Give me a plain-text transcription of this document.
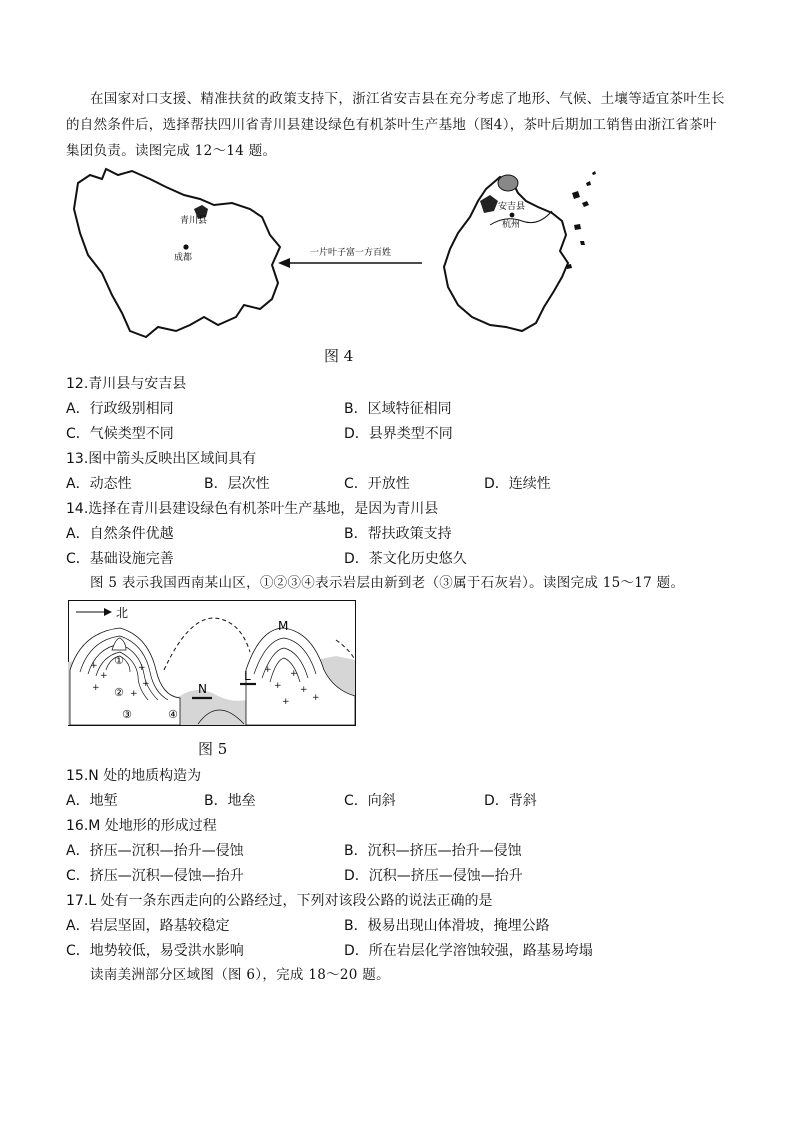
在国家对口支援、精准扶贫的政策支持下，浙江省安吉县在充分考虑了地形、气候、土壤等适宜茶叶生长
的自然条件后，选择帮扶四川省青川县建设绿色有机茶叶生产基地（图4），茶叶后期加工销售由浙江省茶叶
集团负责。读图完成 12～14 题。
青川县
成都	一片叶子富一方百姓
安吉县
杭州
图 4
12.青川县与安吉县
A．行政级别相同	B．区域特征相同
C．气候类型不同	D．县界类型不同
13.图中箭头反映出区域间具有
A．动态性	B．层次性	C．开放性	D．连续性
14.选择在青川县建设绿色有机茶叶生产基地，是因为青川县
A．自然条件优越	B．帮扶政策支持
C．基础设施完善	D．茶文化历史悠久
图 5 表示我国西南某山区，①②③④表示岩层由新到老（③属于石灰岩）。读图完成 15～17 题。
北
+
+
+
+
+
+
+
+
+
+
+ +
N
L
M
①
②
③	④
图 5
15.N 处的地质构造为
A．地堑	B．地垒	C．向斜	D．背斜
16.M 处地形的形成过程
A．挤压—沉积—抬升—侵蚀	B．沉积—挤压—抬升—侵蚀
C．挤压—沉积—侵蚀—抬升	D．沉积—挤压—侵蚀—抬升
17.L 处有一条东西走向的公路经过，下列对该段公路的说法正确的是
A．岩层坚固，路基较稳定	B．极易出现山体滑坡，掩埋公路
C．地势较低，易受洪水影响	D．所在岩层化学溶蚀较强，路基易垮塌
读南美洲部分区域图（图 6），完成 18～20 题。
